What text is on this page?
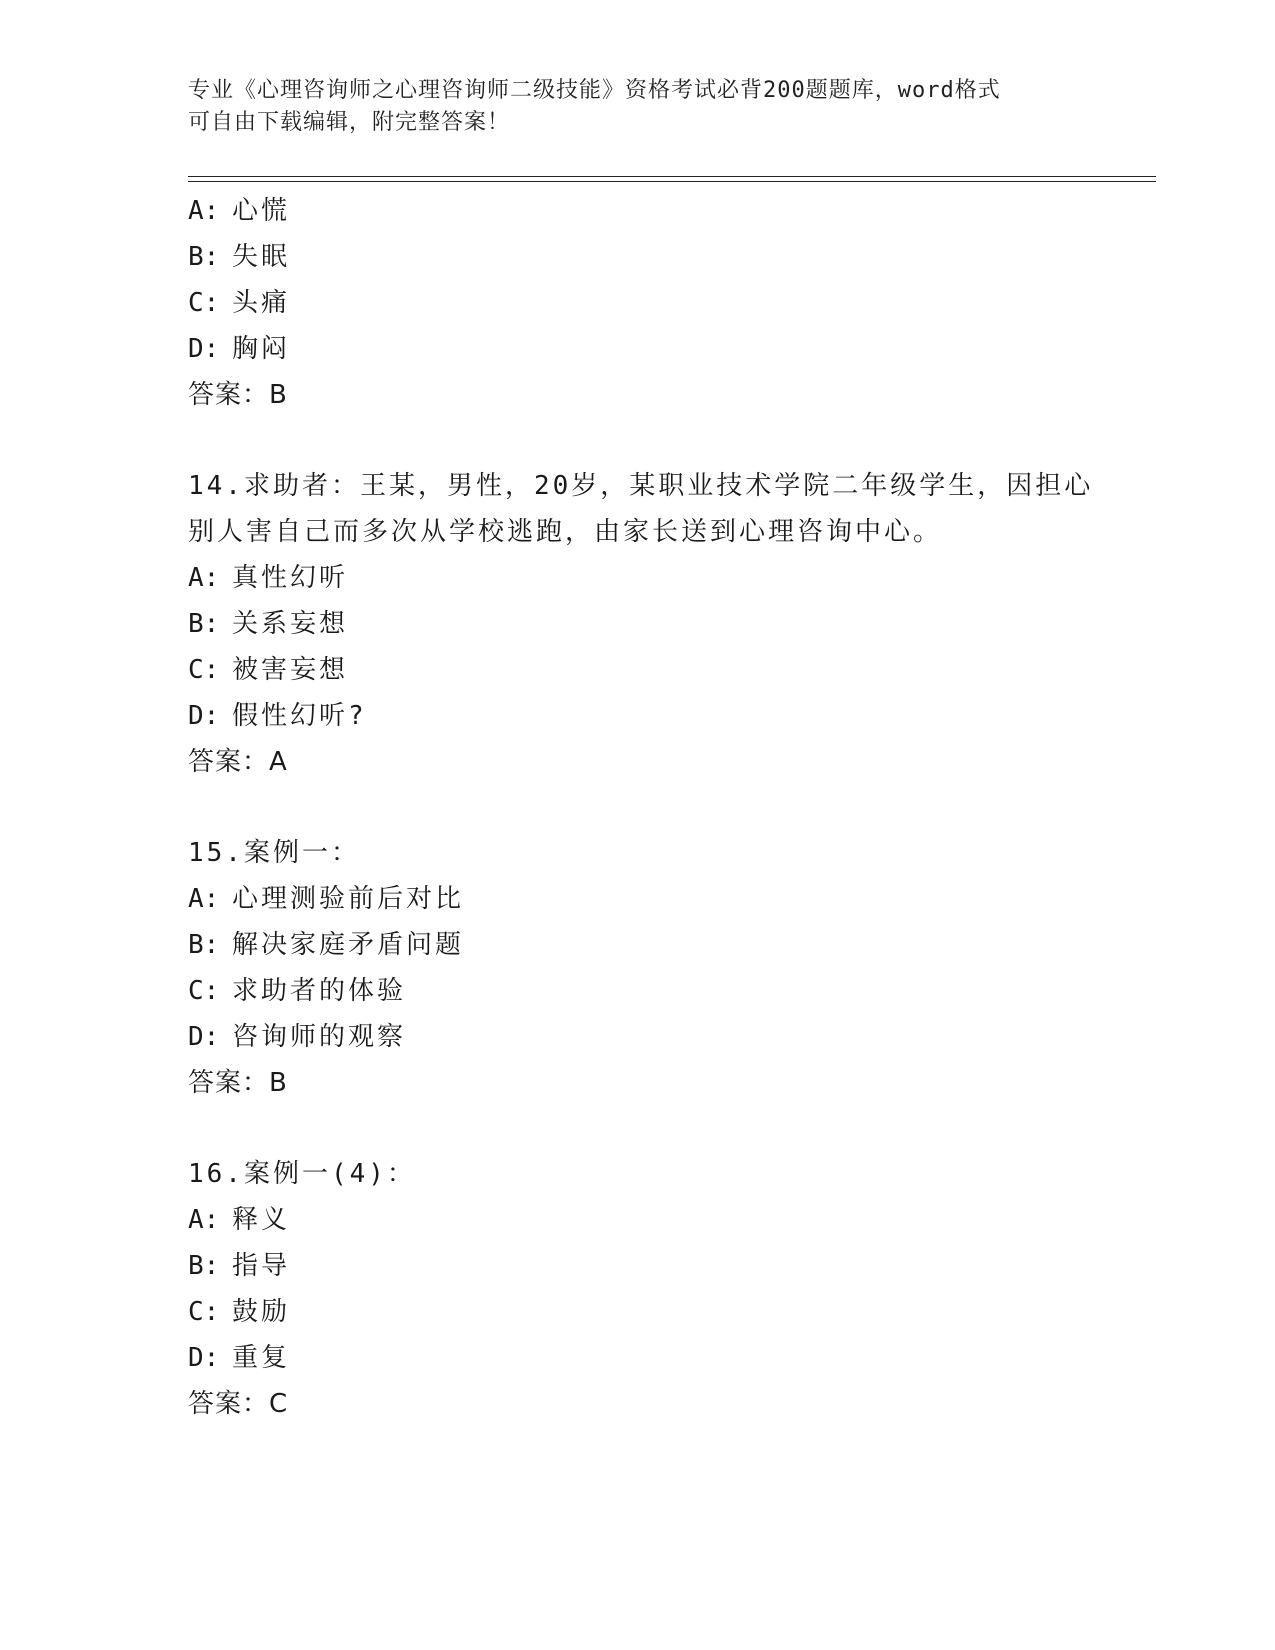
专业《心理咨询师之心理咨询师二级技能》资格考试必背200题题库，word格式
可自由下载编辑，附完整答案！
A: 心慌
B: 失眠
C: 头痛
D: 胸闷
答案：B
14.求助者：王某，男性，20岁，某职业技术学院二年级学生，因担心
别人害自己而多次从学校逃跑，由家长送到心理咨询中心。
A: 真性幻听
B: 关系妄想
C: 被害妄想
D: 假性幻听?
答案：A
15.案例一：
A: 心理测验前后对比
B: 解决家庭矛盾问题
C: 求助者的体验
D: 咨询师的观察
答案：B
16.案例一(4)：
A: 释义
B: 指导
C: 鼓励
D: 重复
答案：C
